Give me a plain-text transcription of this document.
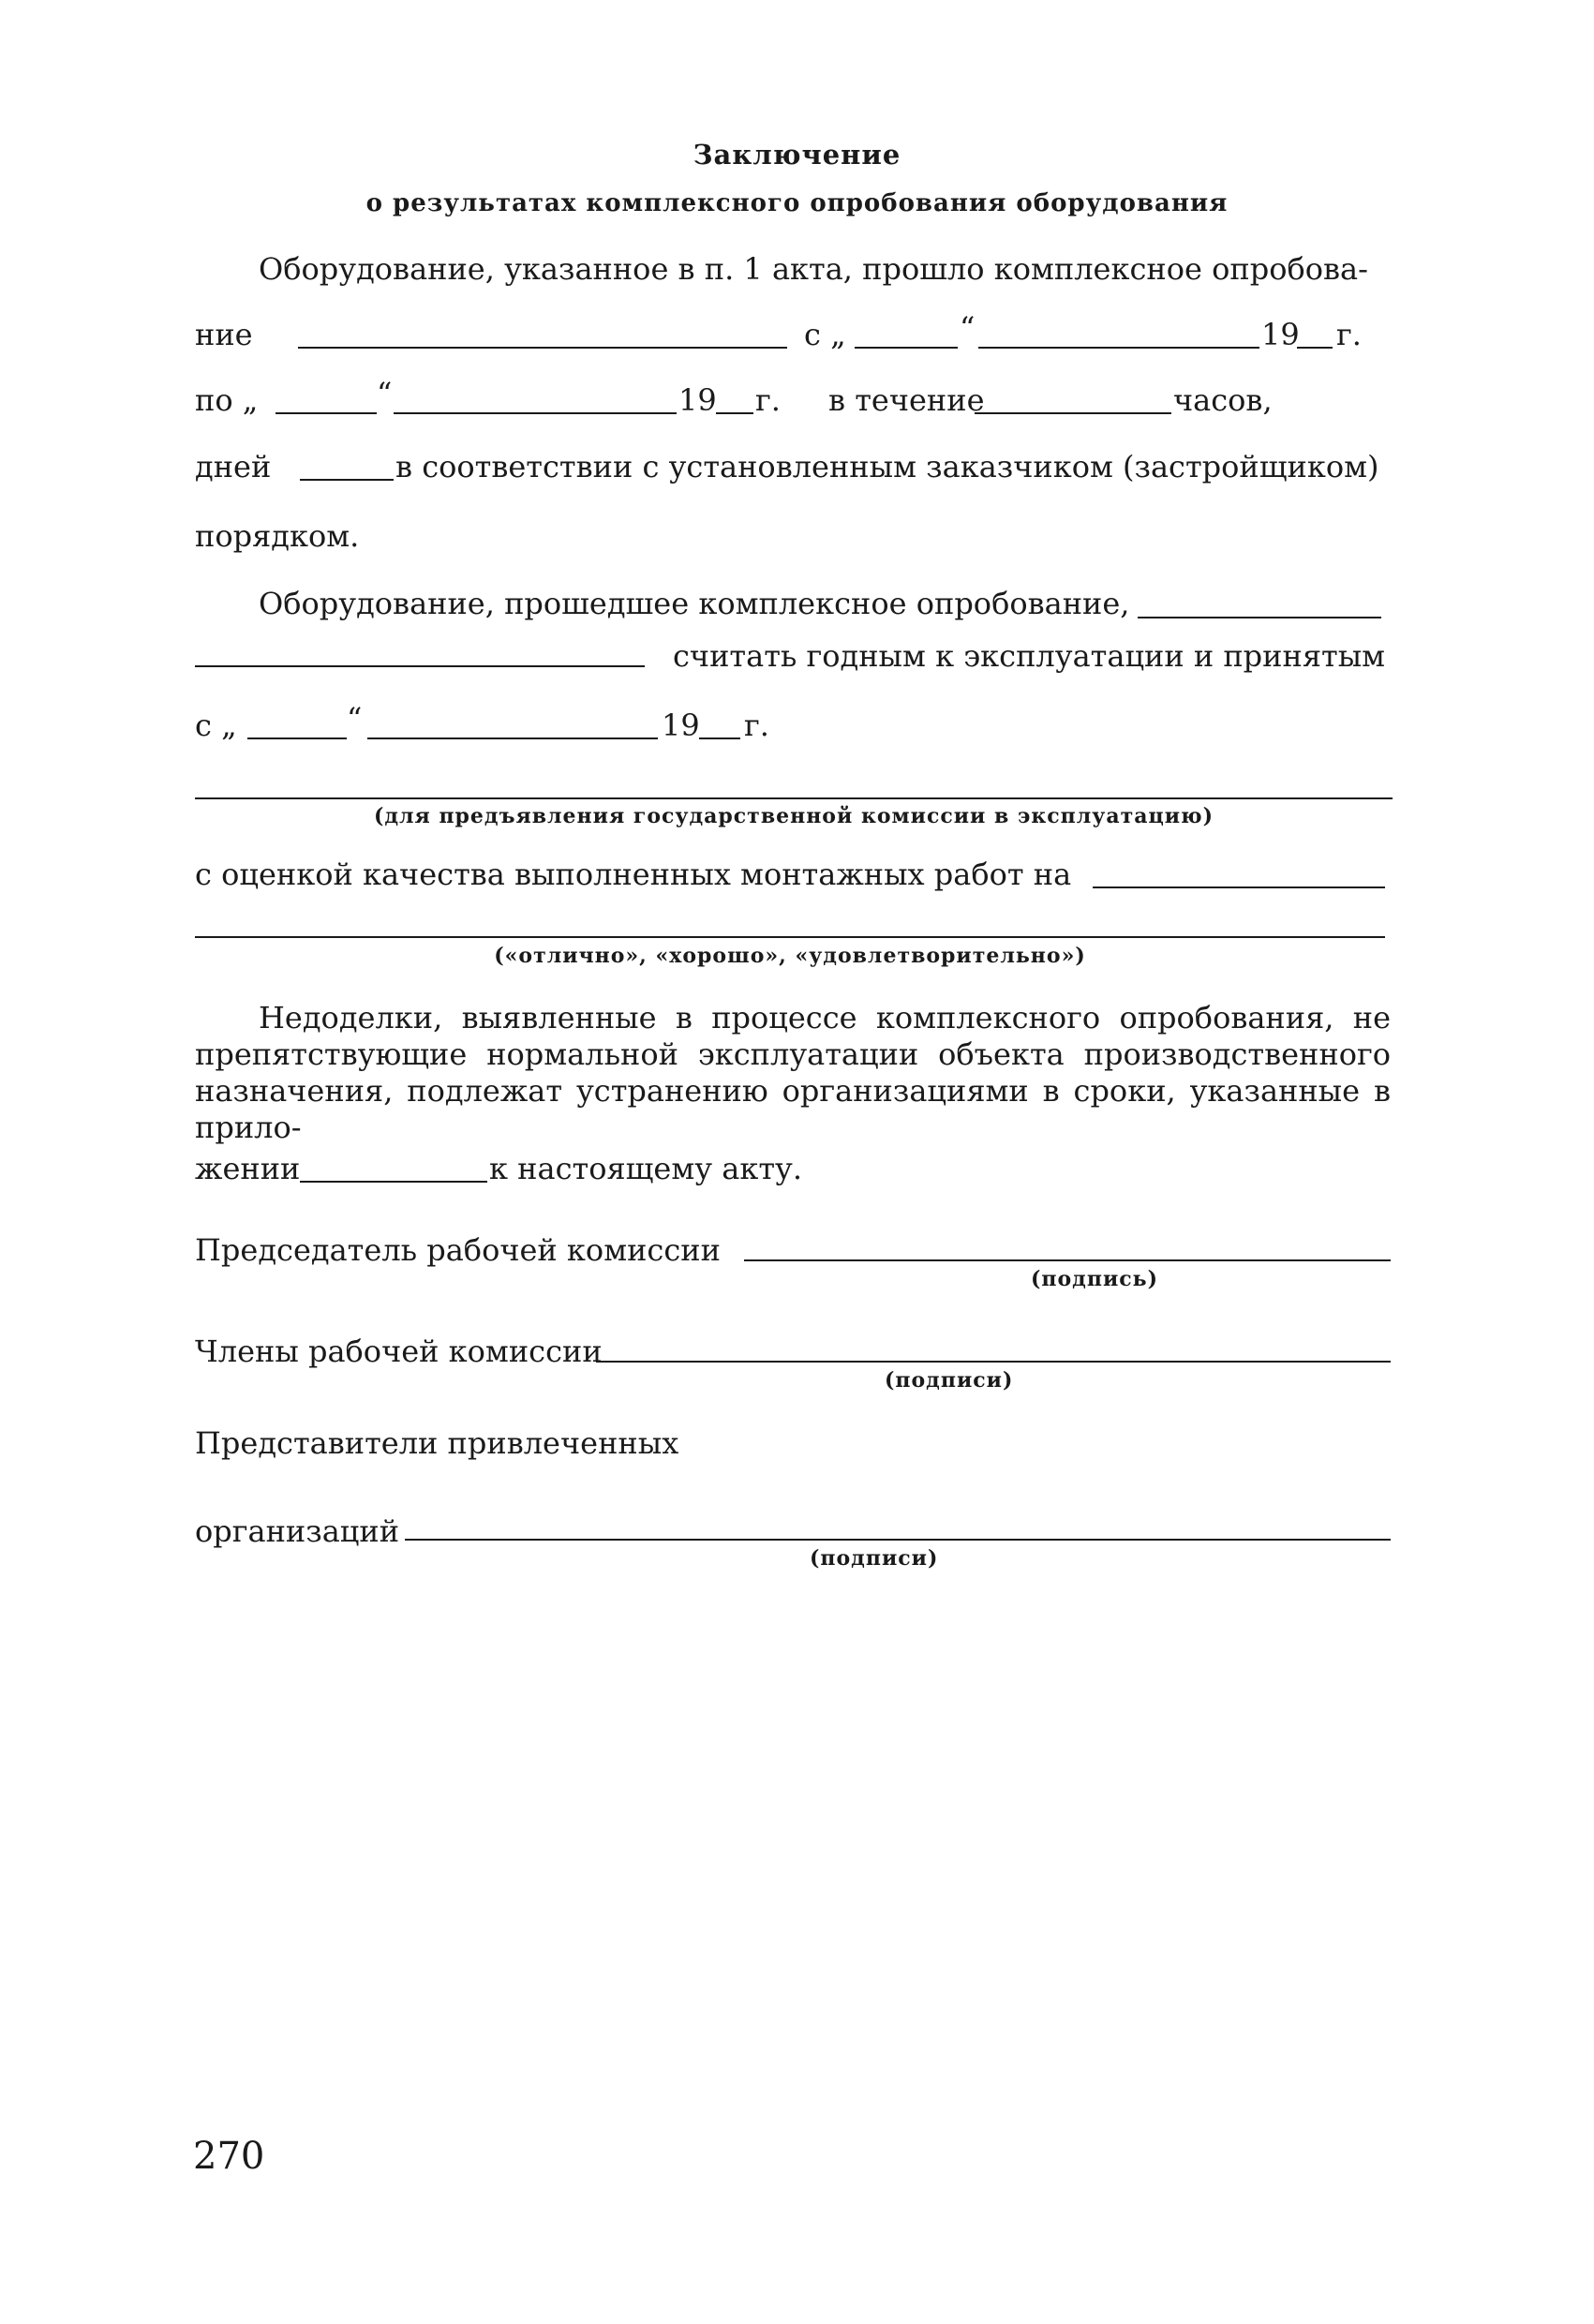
Заключение
о результатах комплексного опробования оборудования
Оборудование, указанное в п. 1 акта, прошло комплексное опробова-
ние	с „	“	19 г.
по „	“	19 г. в течение	часов,
дней	в соответствии с установленным заказчиком (застройщиком)
порядком.
Оборудование, прошедшее комплексное опробование,
считать годным к эксплуатации и принятым
с „	“	19 г.
(для предъявления государственной комиссии в эксплуатацию)
с оценкой качества выполненных монтажных работ на
(«отлично», «хорошо», «удовлетворительно»)
Недоделки, выявленные в процессе комплексного опробования, не препятствующие нормальной эксплуатации объекта производственного назначения, подлежат устранению организациями в сроки, указанные в прило-
жении	к настоящему акту.
Председатель рабочей комиссии
(подпись)
Члены рабочей комиссии
(подписи)
Представители привлеченных
организаций
(подписи)
270
